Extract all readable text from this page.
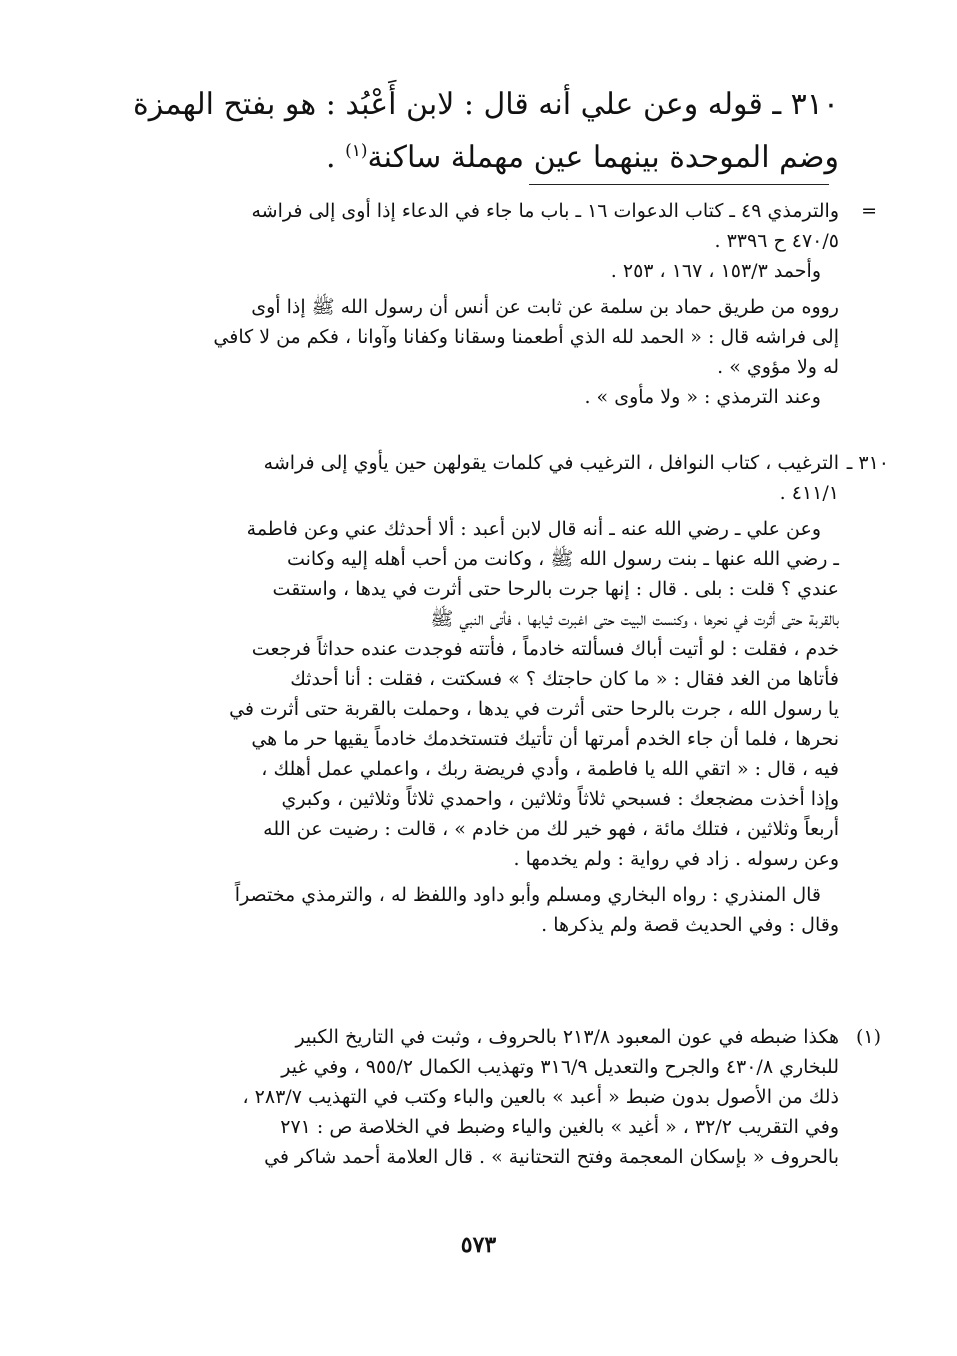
٣١٠ ـ قوله وعن علي أنه قال : لابن أَعْبُد : هو بفتح الهمزة
وضم الموحدة بينهما عين مهملة ساكنة$^{(١)}$ .
=

والترمذي ٤٩ ـ كتاب الدعوات ١٦ ـ باب ما جاء في الدعاء إذا أوى إلى فراشه

٤٧٠/٥ ح ٣٣٩٦ .

وأحمد ١٥٣/٣ ، ١٦٧ ، ٢٥٣ .

رووه من طريق حماد بن سلمة عن ثابت عن أنس أن رسول الله ﷺ إذا أوى

إلى فراشه قال : « الحمد لله الذي أطعمنا وسقانا وكفانا وآوانا ، فكم من لا كافي

له ولا مؤوي » .

وعند الترمذي : « ولا مأوى » .

٣١٠ ـ

الترغيب ، كتاب النوافل ، الترغيب في كلمات يقولهن حين يأوي إلى فراشه

٤١١/١ .

وعن علي ـ رضي الله عنه ـ أنه قال لابن أعبد : ألا أحدثك عني وعن فاطمة

ـ رضي الله عنها ـ بنت رسول الله ﷺ ، وكانت من أحب أهله إليه وكانت

عندي ؟ قلت : بلى . قال : إنها جرت بالرحا حتى أثرت في يدها ، واستقت

بالقربة حتى أثرت في نحرها ، وكنست البيت حتى اغبرت ثيابها ، فأتى النبي ﷺ

خدم ، فقلت : لو أتيت أباك فسألته خادماً ، فأتته فوجدت عنده حداثاً فرجعت

فأتاها من الغد فقال : « ما كان حاجتك ؟ » فسكتت ، فقلت : أنا أحدثك

يا رسول الله ، جرت بالرحا حتى أثرت في يدها ، وحملت بالقربة حتى أثرت في

نحرها ، فلما أن جاء الخدم أمرتها أن تأتيك فتستخدمك خادماً يقيها حر ما هي

فيه ، قال : « اتقي الله يا فاطمة ، وأدي فريضة ربك ، واعملي عمل أهلك ،

وإذا أخذت مضجعك : فسبحي ثلاثاً وثلاثين ، واحمدي ثلاثاً وثلاثين ، وكبري

أربعاً وثلاثين ، فتلك مائة ، فهو خير لك من خادم » ، قالت : رضيت عن الله

وعن رسوله . زاد في رواية : ولم يخدمها .

قال المنذري : رواه البخاري ومسلم وأبو داود واللفظ له ، والترمذي مختصراً

وقال : وفي الحديث قصة ولم يذكرها .

(١)

هكذا ضبطه في عون المعبود ٢١٣/٨ بالحروف ، وثبت في التاريخ الكبير

للبخاري ٤٣٠/٨ والجرح والتعديل ٣١٦/٩ وتهذيب الكمال ٩٥٥/٢ ، وفي غير

ذلك من الأصول بدون ضبط « أعبد » بالعين والباء وكتب في التهذيب ٢٨٣/٧ ،

وفي التقريب ٣٢/٢ ، « أغيد » بالغين والياء وضبط في الخلاصة ص : ٢٧١

بالحروف « بإسكان المعجمة وفتح التحتانية » . قال العلامة أحمد شاكر في

٥٧٣
